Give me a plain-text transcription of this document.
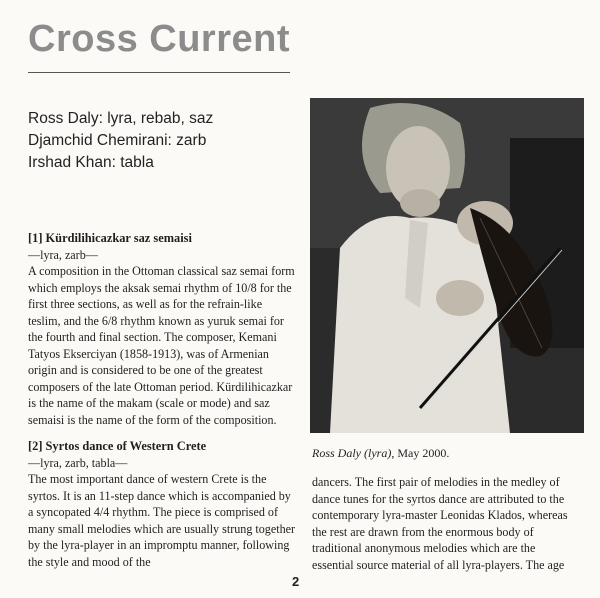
Cross Current
Ross Daly: lyra, rebab, saz
Djamchid Chemirani: zarb
Irshad Khan: tabla
[1] Kürdilihicazkar saz semaisi

—lyra, zarb—

A composition in the Ottoman classical saz semai form which employs the aksak semai rhythm of 10/8 for the first three sections, as well as for the refrain-like teslim, and the 6/8 rhythm known as yuruk semai for the fourth and final section. The composer, Kemani Tatyos Ekserciyan (1858-1913), was of Armenian origin and is considered to be one of the greatest composers of the late Ottoman period. Kürdilihicazkar is the name of the makam (scale or mode) and saz semaisi is the name of the form of the composition.

[2] Syrtos dance of Western Crete

—lyra, zarb, tabla—

The most important dance of western Crete is the syrtos. It is an 11-step dance which is accompanied by a syncopated 4/4 rhythm. The piece is comprised of many small melodies which are usually strung together by the lyra-player in an impromptu manner, following the style and mood of the

Ross Daly (lyra), May 2000.

dancers. The first pair of melodies in the medley of dance tunes for the syrtos dance are attributed to the contemporary lyra-master Leonidas Klados, whereas the rest are drawn from the enormous body of traditional anonymous melodies which are the essential source material of all lyra-players. The age

2
